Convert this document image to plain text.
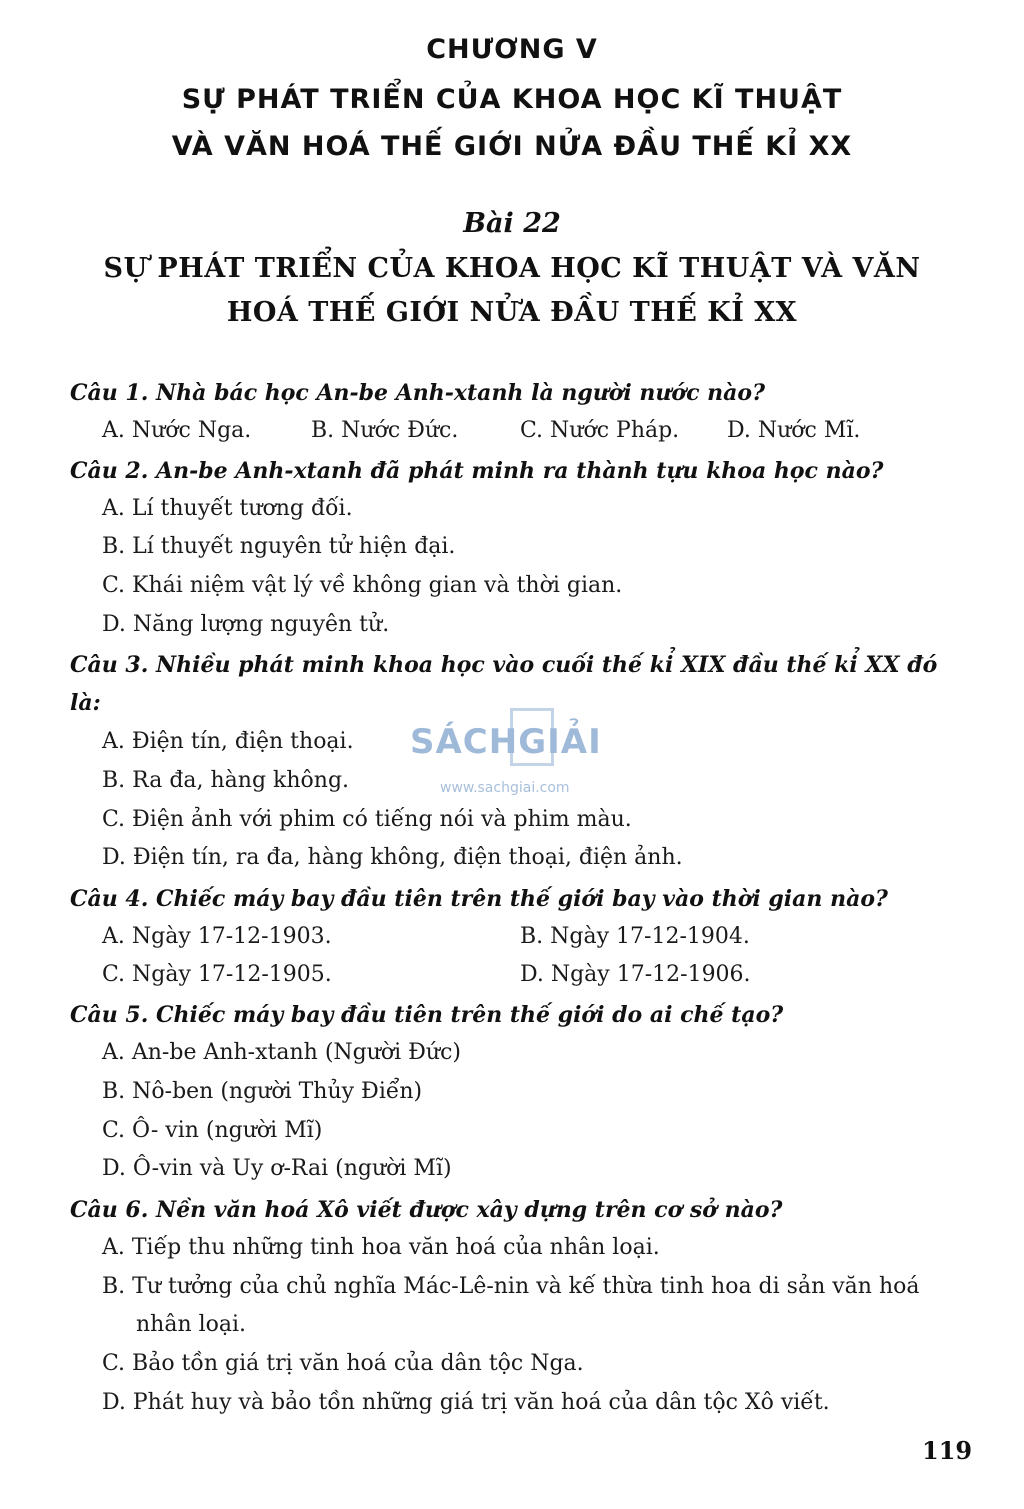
CHƯƠNG V
SỰ PHÁT TRIỂN CỦA KHOA HỌC KĨ THUẬT
VÀ VĂN HOÁ THẾ GIỚI NỬA ĐẦU THẾ KỈ XX
Bài 22
SỰ PHÁT TRIỂN CỦA KHOA HỌC KĨ THUẬT VÀ VĂN
HOÁ THẾ GIỚI NỬA ĐẦU THẾ KỈ XX
Câu 1. Nhà bác học An-be Anh-xtanh là người nước nào?
A. Nước Nga.	B. Nước Đức.	C. Nước Pháp. D. Nước Mĩ.
Câu 2. An-be Anh-xtanh đã phát minh ra thành tựu khoa học nào?
A. Lí thuyết tương đối.
B. Lí thuyết nguyên tử hiện đại.
C. Khái niệm vật lý về không gian và thời gian.
D. Năng lượng nguyên tử.
Câu 3. Nhiều phát minh khoa học vào cuối thế kỉ XIX đầu thế kỉ XX đó là:
A. Điện tín, điện thoại.
B. Ra đa, hàng không.
C. Điện ảnh với phim có tiếng nói và phim màu.
D. Điện tín, ra đa, hàng không, điện thoại, điện ảnh.
SÁCHGIẢI
www.sachgiai.com
Câu 4. Chiếc máy bay đầu tiên trên thế giới bay vào thời gian nào?
A. Ngày 17-12-1903.	B. Ngày 17-12-1904.
C. Ngày 17-12-1905.	D. Ngày 17-12-1906.
Câu 5. Chiếc máy bay đầu tiên trên thế giới do ai chế tạo?
A. An-be Anh-xtanh (Người Đức)
B. Nô-ben (người Thủy Điển)
C. Ô- vin (người Mĩ)
D. Ô-vin và Uy ơ-Rai (người Mĩ)
Câu 6. Nền văn hoá Xô viết được xây dựng trên cơ sở nào?
A. Tiếp thu những tinh hoa văn hoá của nhân loại.
B. Tư tưởng của chủ nghĩa Mác-Lê-nin và kế thừa tinh hoa di sản văn hoá nhân loại.
C. Bảo tồn giá trị văn hoá của dân tộc Nga.
D. Phát huy và bảo tồn những giá trị văn hoá của dân tộc Xô viết.
119
